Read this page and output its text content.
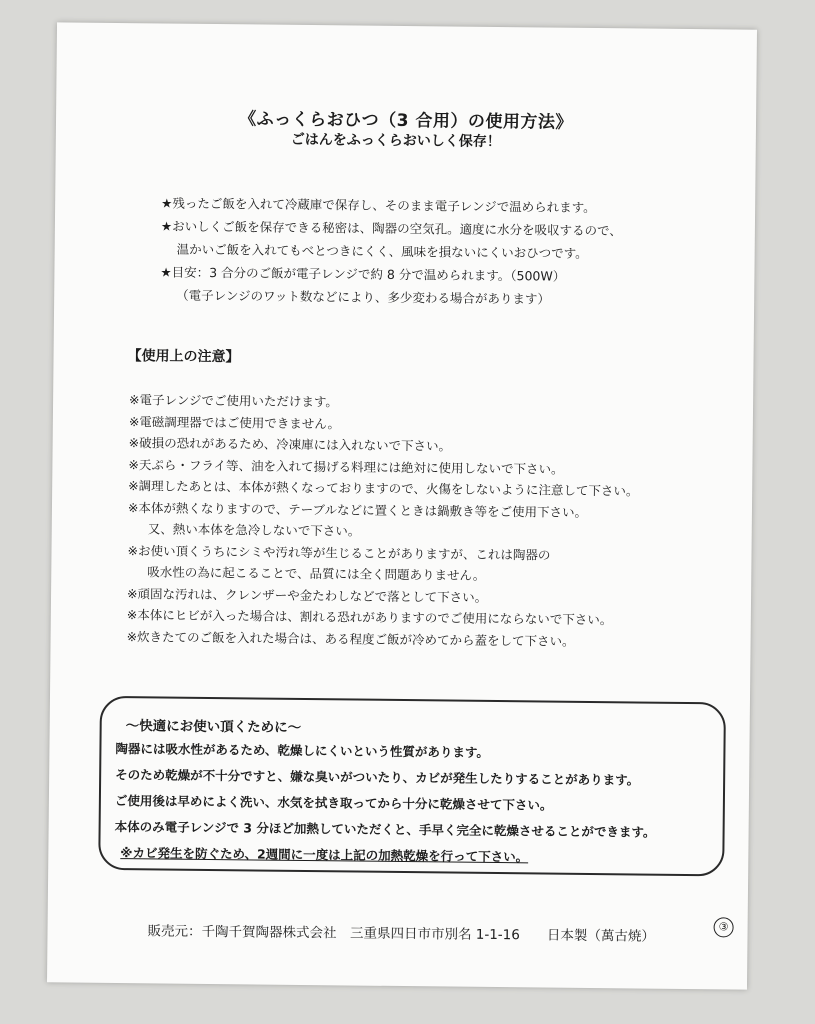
《ふっくらおひつ（3 合用）の使用方法》
ごはんをふっくらおいしく保存！

★残ったご飯を入れて冷蔵庫で保存し、そのまま電子レンジで温められます。

★おいしくご飯を保存できる秘密は、陶器の空気孔。適度に水分を吸収するので、

温かいご飯を入れてもべとつきにくく、風味を損ないにくいおひつです。

★目安：3 合分のご飯が電子レンジで約 8 分で温められます。（500W）

（電子レンジのワット数などにより、多少変わる場合があります）

【使用上の注意】

※電子レンジでご使用いただけます。

※電磁調理器ではご使用できません。

※破損の恐れがあるため、冷凍庫には入れないで下さい。

※天ぷら・フライ等、油を入れて揚げる料理には絶対に使用しないで下さい。

※調理したあとは、本体が熱くなっておりますので、火傷をしないように注意して下さい。

※本体が熱くなりますので、テーブルなどに置くときは鍋敷き等をご使用下さい。

又、熱い本体を急冷しないで下さい。

※お使い頂くうちにシミや汚れ等が生じることがありますが、これは陶器の

吸水性の為に起こることで、品質には全く問題ありません。

※頑固な汚れは、クレンザーや金たわしなどで落として下さい。

※本体にヒビが入った場合は、割れる恐れがありますのでご使用にならないで下さい。

※炊きたてのご飯を入れた場合は、ある程度ご飯が冷めてから蓋をして下さい。

～快適にお使い頂くために～

陶器には吸水性があるため、乾燥しにくいという性質があります。

そのため乾燥が不十分ですと、嫌な臭いがついたり、カビが発生したりすることがあります。

ご使用後は早めによく洗い、水気を拭き取ってから十分に乾燥させて下さい。

本体のみ電子レンジで 3 分ほど加熱していただくと、手早く完全に乾燥させることができます。

※カビ発生を防ぐため、2週間に一度は上記の加熱乾燥を行って下さい。

販売元：千陶千賀陶器株式会社　三重県四日市市別名 1-1-16　　日本製（萬古焼）	③
